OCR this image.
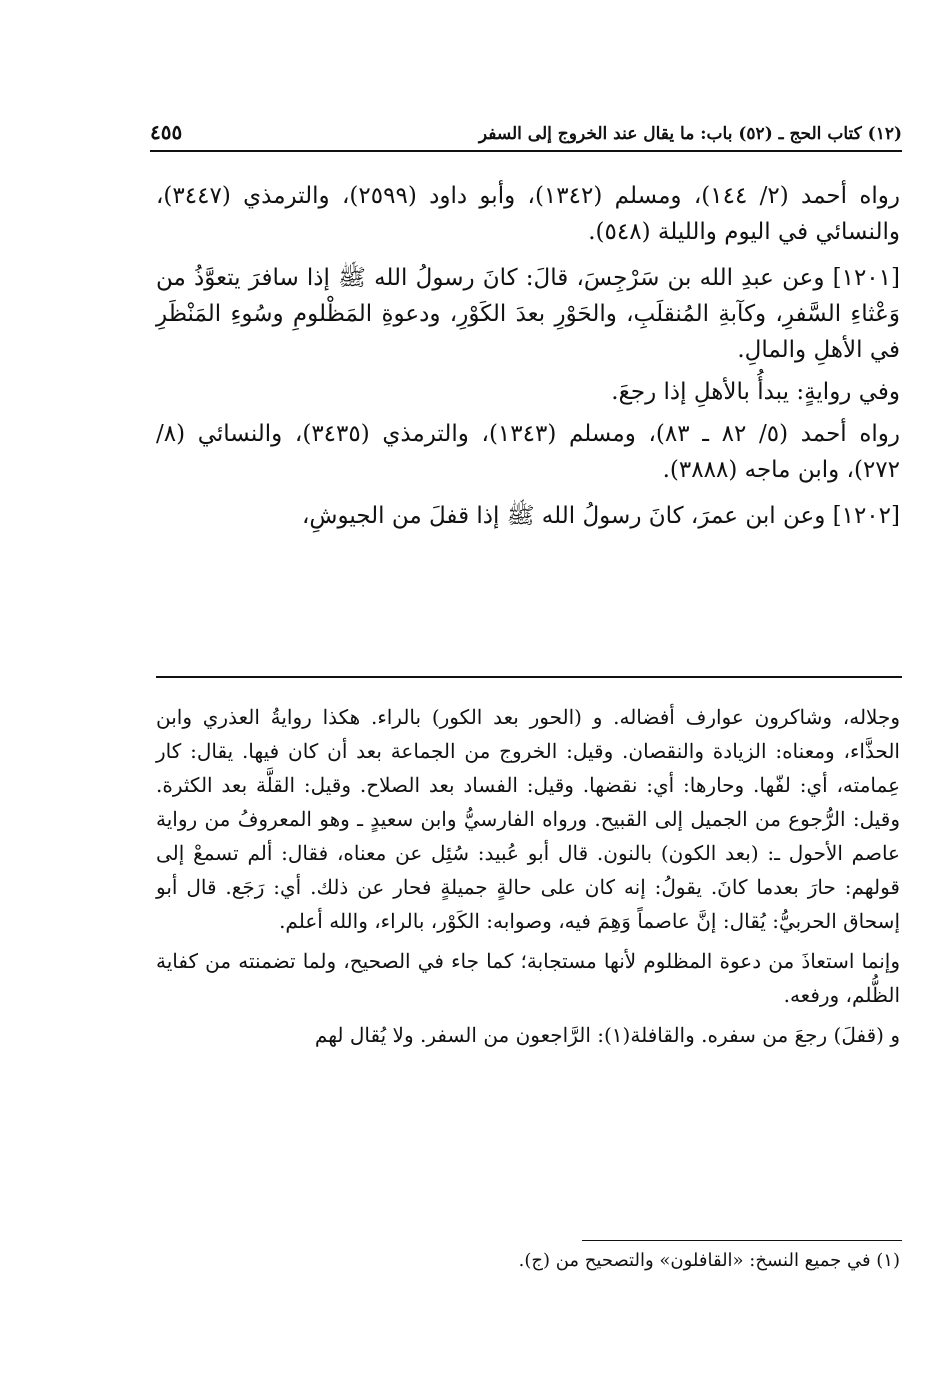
(١٢) كتاب الحج ـ (٥٢) باب: ما يقال عند الخروج إلى السفر
٤٥٥

رواه أحمد (٢/ ١٤٤)، ومسلم (١٣٤٢)، وأبو داود (٢٥٩٩)، والترمذي (٣٤٤٧)، والنسائي في اليوم والليلة (٥٤٨).

[١٢٠١] وعن عبدِ الله بن سَرْجِسَ، قالَ: كانَ رسولُ الله ﷺ إذا سافرَ يتعوَّذُ من وَعْثاءِ السَّفرِ، وكآبةِ المُنقلَبِ، والحَوْرِ بعدَ الكَوْرِ، ودعوةِ المَظْلومِ وسُوءِ المَنْظَرِ في الأهلِ والمالِ.

وفي روايةٍ: يبدأُ بالأهلِ إذا رجعَ.

رواه أحمد (٥/ ٨٢ ـ ٨٣)، ومسلم (١٣٤٣)، والترمذي (٣٤٣٥)، والنسائي (٨/ ٢٧٢)، وابن ماجه (٣٨٨٨).

[١٢٠٢] وعن ابن عمرَ، كانَ رسولُ الله ﷺ إذا قفلَ من الجيوشِ،

وجلاله، وشاكرون عوارف أفضاله. و (الحور بعد الكور) بالراء. هكذا روايةُ العذري وابن الحذَّاء، ومعناه: الزيادة والنقصان. وقيل: الخروج من الجماعة بعد أن كان فيها. يقال: كار عِمامته، أي: لفّها. وحارها: أي: نقضها. وقيل: الفساد بعد الصلاح. وقيل: القلَّة بعد الكثرة. وقيل: الرُّجوع من الجميل إلى القبيح. ورواه الفارسيُّ وابن سعيدٍ ـ وهو المعروفُ من رواية عاصم الأحول ـ: (بعد الكون) بالنون. قال أبو عُبيد: سُئِل عن معناه، فقال: ألم تسمعْ إلى قولهم: حارَ بعدما كانَ. يقولُ: إنه كان على حالةٍ جميلةٍ فحار عن ذلك. أي: رَجَع. قال أبو إسحاق الحربيُّ: يُقال: إنَّ عاصماً وَهِمَ فيه، وصوابه: الكَوْر، بالراء، والله أعلم.

وإنما استعاذَ من دعوة المظلوم لأنها مستجابة؛ كما جاء في الصحيح، ولما تضمنته من كفاية الظُّلم، ورفعه.

و (قفلَ) رجعَ من سفره. والقافلة(١): الرَّاجعون من السفر. ولا يُقال لهم

(١) في جميع النسخ: «القافلون» والتصحيح من (ج).
